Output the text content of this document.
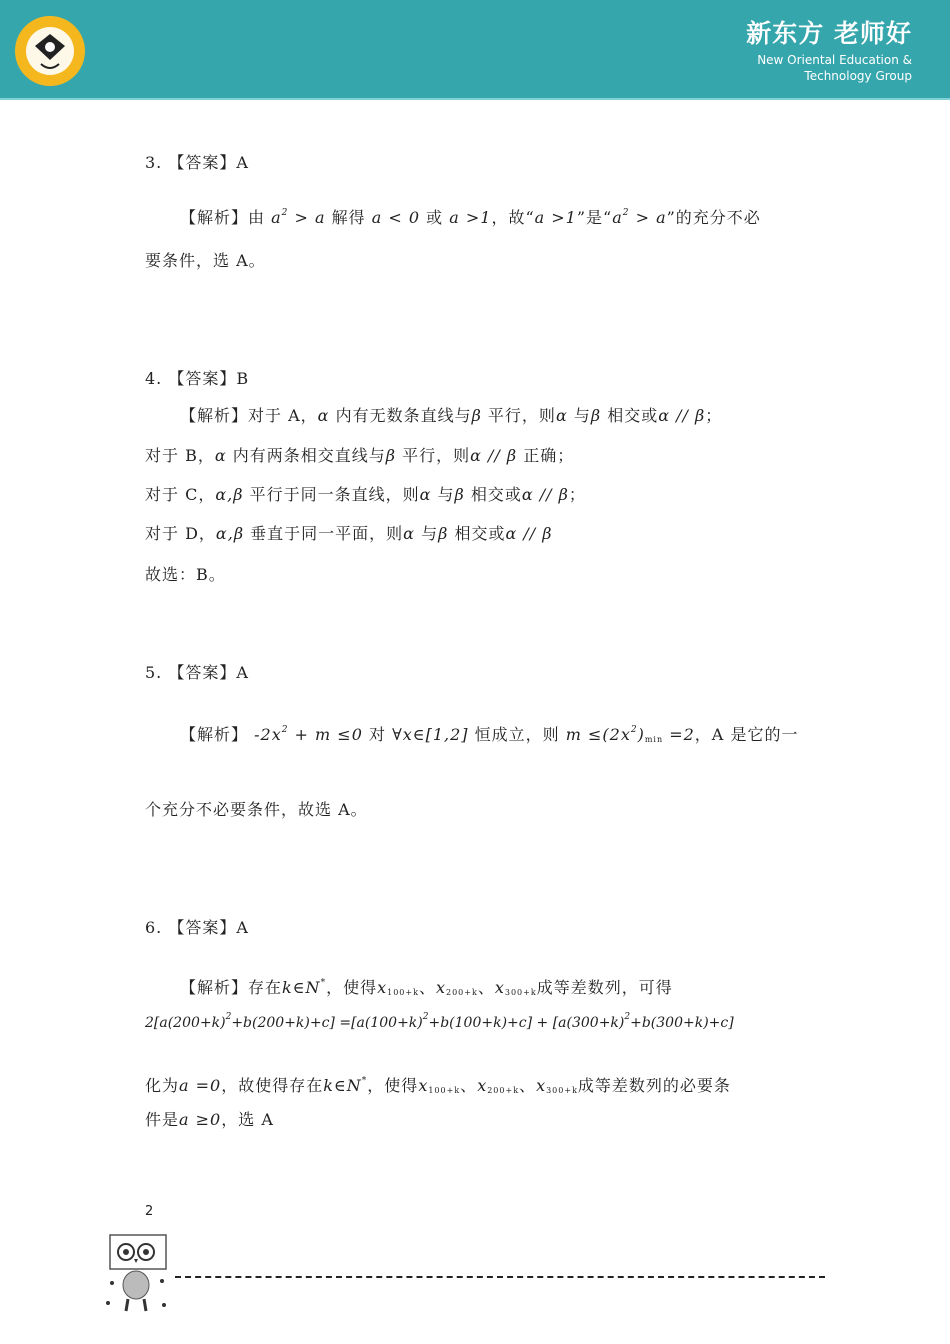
新东方 老师好
New Oriental Education &
Technology Group
3. 【答案】A
【解析】由 $a^2 > a$ 解得 a < 0 或 a >1，故“a >1”是“$a^2 > a$”的充分不必
要条件，选 A。
4. 【答案】B
【解析】对于 A，α 内有无数条直线与β 平行，则α 与β 相交或α // β；
对于 B，α 内有两条相交直线与β 平行，则α // β 正确；
对于 C，α,β 平行于同一条直线，则α 与β 相交或α // β；
对于 D，α,β 垂直于同一平面，则α 与β 相交或α // β
故选：B。
5. 【答案】A
【解析】 $-2x^2 + m \le 0$ 对 ∀x∈[1,2] 恒成立，则 $m \le(2x^2)_{min} =2$，A 是它的一
个充分不必要条件，故选 A。
6. 【答案】A
【解析】存在k∈N*，使得$x_{100+k}$、$x_{200+k}$、$x_{300+k}$成等差数列，可得
$2[a(200+k)^2+b(200+k)+c] =[a(100+k)^2+b(100+k)+c] + [a(300+k)^2+b(300+k)+c]$
化为a =0，故使得存在k∈N*，使得$x_{100+k}$、$x_{200+k}$、$x_{300+k}$成等差数列的必要条
件是a ≥0，选 A
2
